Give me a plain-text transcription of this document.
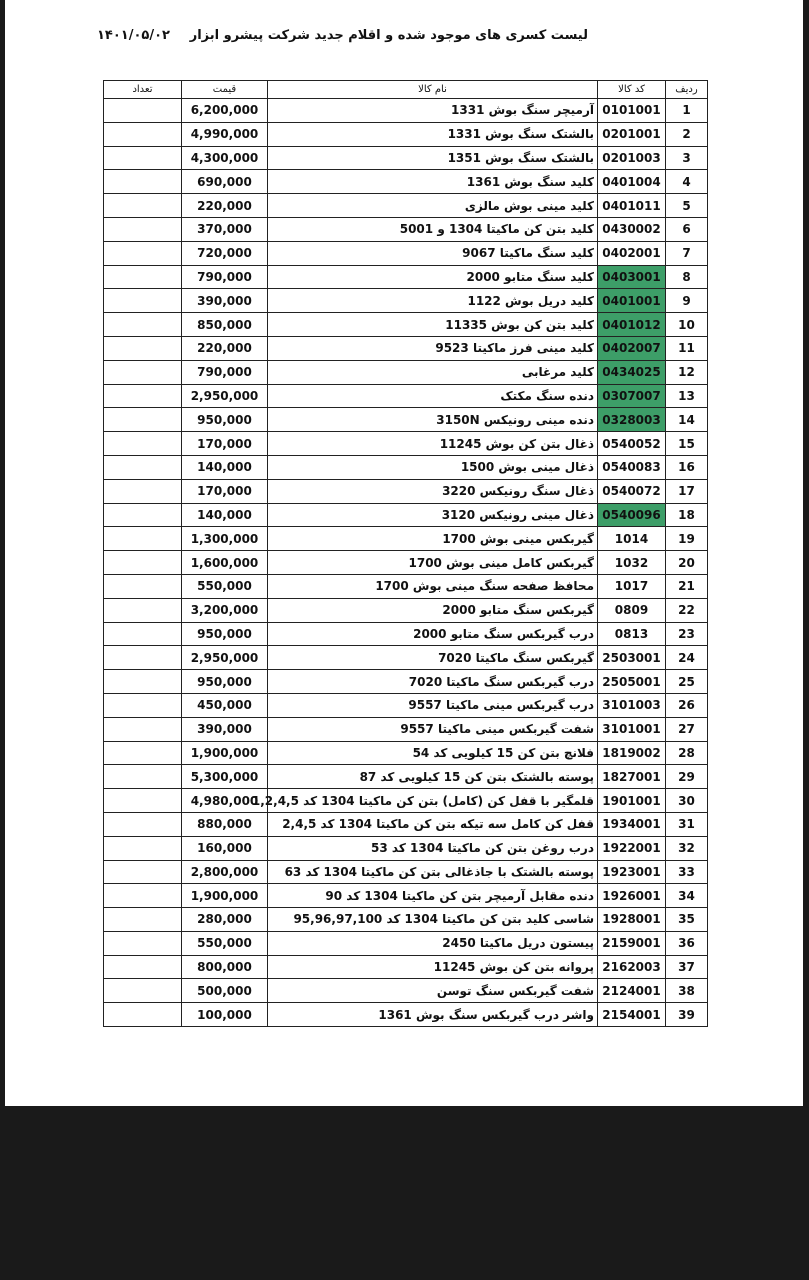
لیست کسری های موجود شده و اقلام جدید شرکت پیشرو ابزار
۱۴۰۱/۰۵/۰۲
ردیف	کد کالا	نام کالا	قیمت	تعداد
1	0101001	آرمیچر سنگ بوش 1331	6,200,000	
2	0201001	بالشتک سنگ بوش 1331	4,990,000	
3	0201003	بالشتک سنگ بوش 1351	4,300,000	
4	0401004	کلید سنگ بوش 1361	690,000	
5	0401011	کلید مینی بوش مالزی	220,000	
6	0430002	کلید بتن کن ماکیتا 1304 و 5001	370,000	
7	0402001	کلید سنگ ماکیتا 9067	720,000	
8	0403001	کلید سنگ متابو 2000	790,000	
9	0401001	کلید دریل بوش 1122	390,000	
10	0401012	کلید بتن کن بوش 11335	850,000	
11	0402007	کلید مینی فرز ماکیتا 9523	220,000	
12	0434025	کلید مرغابی	790,000	
13	0307007	دنده سنگ مکتک	2,950,000	
14	0328003	دنده مینی رونیکس 3150N	950,000	
15	0540052	ذغال بتن کن بوش 11245	170,000	
16	0540083	ذغال مینی بوش 1500	140,000	
17	0540072	ذغال سنگ رونیکس 3220	170,000	
18	0540096	ذغال مینی رونیکس 3120	140,000	
19	1014	گیربکس مینی بوش 1700	1,300,000	
20	1032	گیربکس کامل مینی بوش 1700	1,600,000	
21	1017	محافظ صفحه سنگ مینی بوش 1700	550,000	
22	0809	گیربکس سنگ متابو 2000	3,200,000	
23	0813	درب گیربکس سنگ متابو 2000	950,000	
24	2503001	گیربکس سنگ ماکیتا 7020	2,950,000	
25	2505001	درب گیربکس سنگ ماکیتا 7020	950,000	
26	3101003	درب گیربکس مینی ماکیتا 9557	450,000	
27	3101001	شفت گیربکس مینی ماکیتا 9557	390,000	
28	1819002	فلانچ بتن کن 15 کیلویی کد 54	1,900,000	
29	1827001	پوسته بالشتک بتن کن 15 کیلویی کد 87	5,300,000	
30	1901001	قلمگیر با قفل کن (کامل) بتن کن ماکیتا 1304 کد 1,2,4,5	4,980,000	
31	1934001	قفل کن کامل سه تیکه بتن کن ماکیتا 1304 کد 2,4,5	880,000	
32	1922001	درب روغن بتن کن ماکیتا 1304 کد 53	160,000	
33	1923001	پوسته بالشتک با جاذغالی بتن کن ماکیتا 1304 کد 63	2,800,000	
34	1926001	دنده مقابل آرمیچر بتن کن ماکیتا 1304 کد 90	1,900,000	
35	1928001	شاسی کلید بتن کن ماکیتا 1304 کد 95,96,97,100	280,000	
36	2159001	پیستون دریل ماکیتا 2450	550,000	
37	2162003	پروانه بتن کن بوش 11245	800,000	
38	2124001	شفت گیربکس سنگ توسن	500,000	
39	2154001	واشر درب گیربکس سنگ بوش 1361	100,000	
